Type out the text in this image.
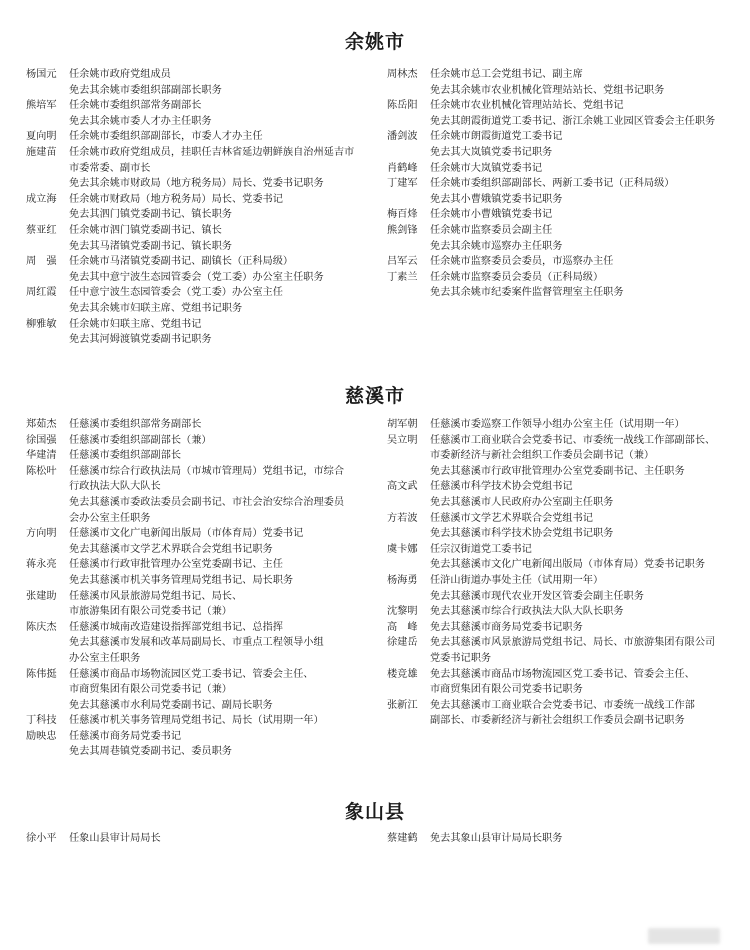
余姚市
杨国元	任余姚市政府党组成员
免去其余姚市委组织部副部长职务
熊培军	任余姚市委组织部常务副部长
免去其余姚市委人才办主任职务
夏向明	任余姚市委组织部副部长，市委人才办主任
施建苗	任余姚市政府党组成员，挂职任吉林省延边朝鲜族自治州延吉市
市委常委、副市长
免去其余姚市财政局（地方税务局）局长、党委书记职务
成立海	任余姚市财政局（地方税务局）局长、党委书记
免去其泗门镇党委副书记、镇长职务
蔡亚红	任余姚市泗门镇党委副书记、镇长
免去其马渚镇党委副书记、镇长职务
周　强	任余姚市马渚镇党委副书记、副镇长（正科局级）
免去其中意宁波生态园管委会（党工委）办公室主任职务
周红霞	任中意宁波生态园管委会（党工委）办公室主任
免去其余姚市妇联主席、党组书记职务
柳雅敏	任余姚市妇联主席、党组书记
免去其河姆渡镇党委副书记职务
周林杰	任余姚市总工会党组书记、副主席
免去其余姚市农业机械化管理站站长、党组书记职务
陈岳阳	任余姚市农业机械化管理站站长、党组书记
免去其朗霞街道党工委书记、浙江余姚工业园区管委会主任职务
潘剑波	任余姚市朗霞街道党工委书记
免去其大岚镇党委书记职务
肖鹤峰	任余姚市大岚镇党委书记
丁建军	任余姚市委组织部副部长、两新工委书记（正科局级）
免去其小曹娥镇党委书记职务
梅百烽	任余姚市小曹娥镇党委书记
熊剑锋	任余姚市监察委员会副主任
免去其余姚市巡察办主任职务
吕军云	任余姚市监察委员会委员，市巡察办主任
丁素兰	任余姚市监察委员会委员（正科局级）
免去其余姚市纪委案件监督管理室主任职务
慈溪市
郑茹杰	任慈溪市委组织部常务副部长
徐国强	任慈溪市委组织部副部长（兼）
华建清	任慈溪市委组织部副部长
陈松叶	任慈溪市综合行政执法局（市城市管理局）党组书记，市综合
行政执法大队大队长
免去其慈溪市委政法委员会副书记、市社会治安综合治理委员
会办公室主任职务
方向明	任慈溪市文化广电新闻出版局（市体育局）党委书记
免去其慈溪市文学艺术界联合会党组书记职务
蒋永亮	任慈溪市行政审批管理办公室党委副书记、主任
免去其慈溪市机关事务管理局党组书记、局长职务
张建助	任慈溪市风景旅游局党组书记、局长、
市旅游集团有限公司党委书记（兼）
陈庆杰	任慈溪市城南改造建设指挥部党组书记、总指挥
免去其慈溪市发展和改革局副局长、市重点工程领导小组
办公室主任职务
陈伟挺	任慈溪市商品市场物流园区党工委书记、管委会主任、
市商贸集团有限公司党委书记（兼）
免去其慈溪市水利局党委副书记、副局长职务
丁科技	任慈溪市机关事务管理局党组书记、局长（试用期一年）
励映忠	任慈溪市商务局党委书记
免去其周巷镇党委副书记、委员职务
胡军朝	任慈溪市委巡察工作领导小组办公室主任（试用期一年）
吴立明	任慈溪市工商业联合会党委书记、市委统一战线工作部副部长、
市委新经济与新社会组织工作委员会副书记（兼）
免去其慈溪市行政审批管理办公室党委副书记、主任职务
高文武	任慈溪市科学技术协会党组书记
免去其慈溪市人民政府办公室副主任职务
方若波	任慈溪市文学艺术界联合会党组书记
免去其慈溪市科学技术协会党组书记职务
虞卡娜	任宗汉街道党工委书记
免去其慈溪市文化广电新闻出版局（市体育局）党委书记职务
杨海勇	任浒山街道办事处主任（试用期一年）
免去其慈溪市现代农业开发区管委会副主任职务
沈黎明	免去其慈溪市综合行政执法大队大队长职务
高　峰	免去其慈溪市商务局党委书记职务
徐建岳	免去其慈溪市风景旅游局党组书记、局长、市旅游集团有限公司
党委书记职务
楼竞雄	免去其慈溪市商品市场物流园区党工委书记、管委会主任、
市商贸集团有限公司党委书记职务
张新江	免去其慈溪市工商业联合会党委书记、市委统一战线工作部
副部长、市委新经济与新社会组织工作委员会副书记职务
象山县
徐小平	任象山县审计局局长	蔡建鹤	免去其象山县审计局局长职务
